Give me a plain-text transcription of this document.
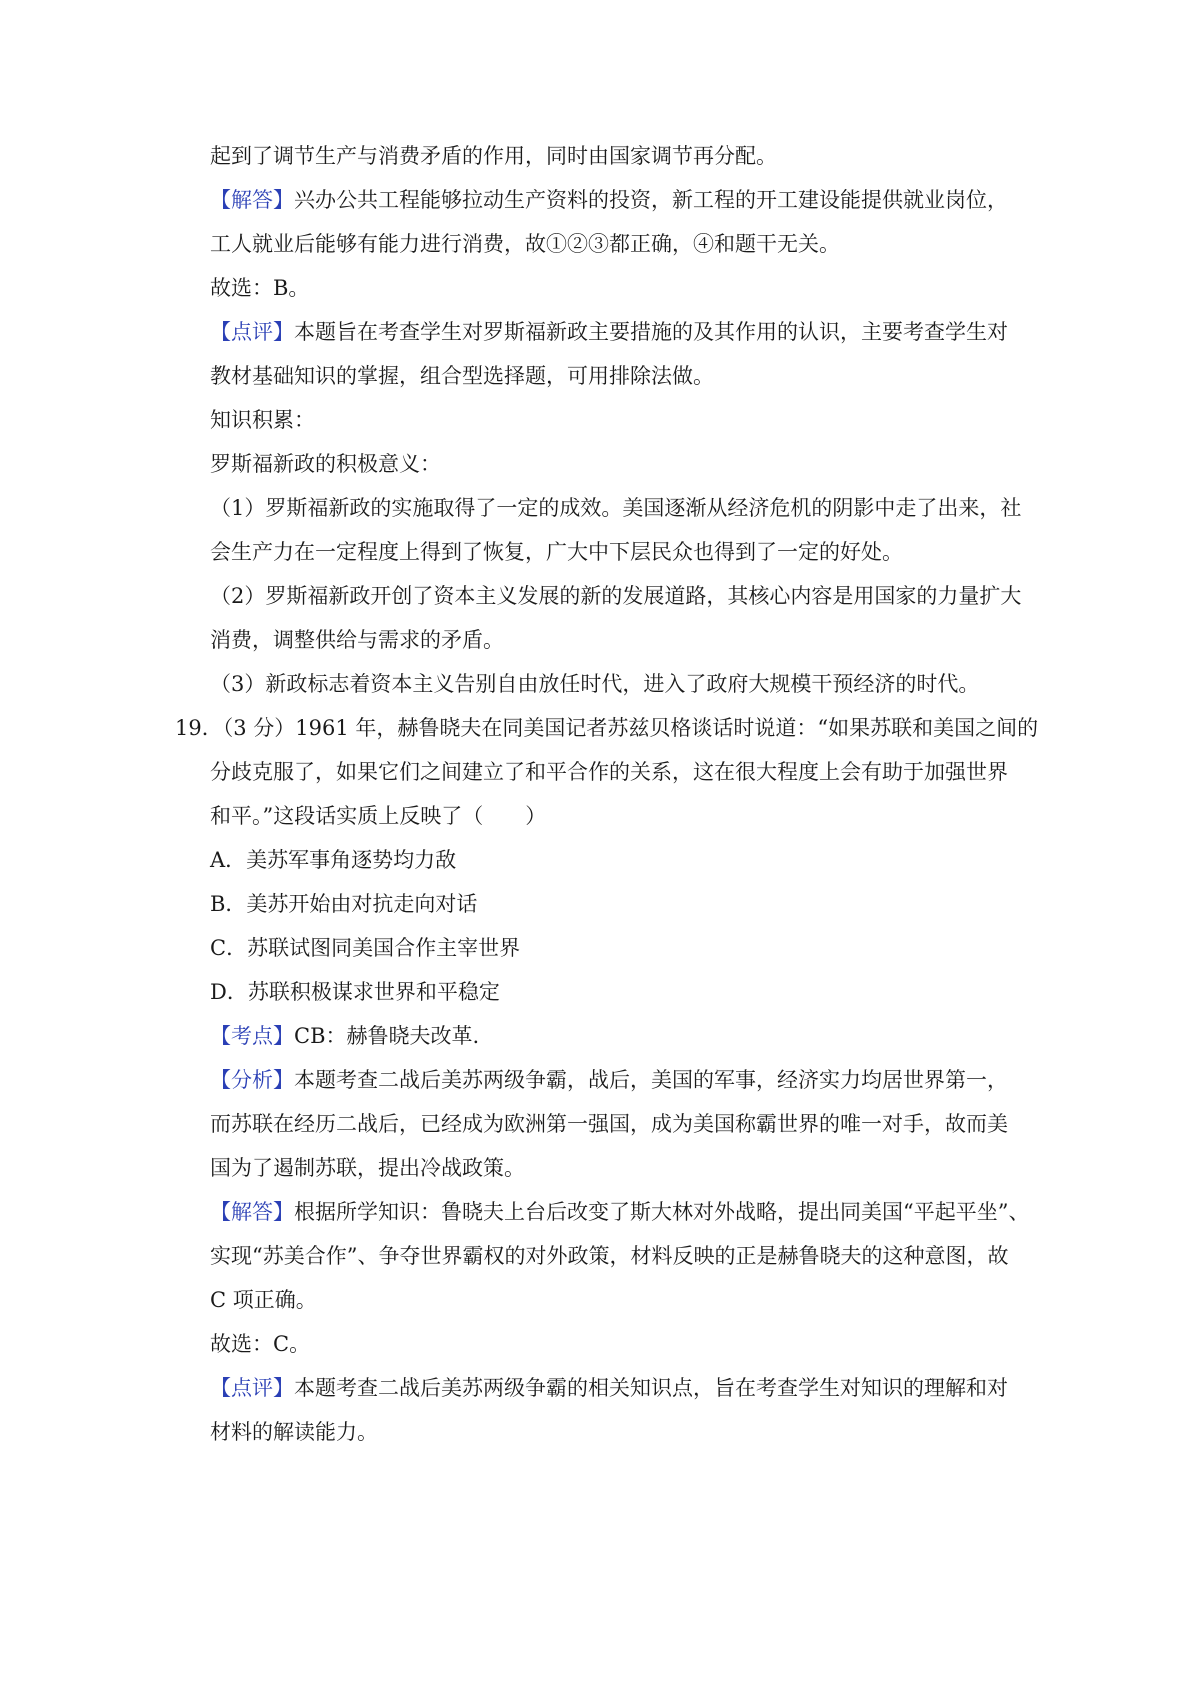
起到了调节生产与消费矛盾的作用，同时由国家调节再分配。
【解答】兴办公共工程能够拉动生产资料的投资，新工程的开工建设能提供就业岗位，
工人就业后能够有能力进行消费，故①②③都正确，④和题干无关。
故选：B。
【点评】本题旨在考查学生对罗斯福新政主要措施的及其作用的认识，主要考查学生对
教材基础知识的掌握，组合型选择题，可用排除法做。
知识积累：
罗斯福新政的积极意义：
（1）罗斯福新政的实施取得了一定的成效。美国逐渐从经济危机的阴影中走了出来，社
会生产力在一定程度上得到了恢复，广大中下层民众也得到了一定的好处。
（2）罗斯福新政开创了资本主义发展的新的发展道路，其核心内容是用国家的力量扩大
消费，调整供给与需求的矛盾。
（3）新政标志着资本主义告别自由放任时代，进入了政府大规模干预经济的时代。
19．（3 分）1961 年，赫鲁晓夫在同美国记者苏兹贝格谈话时说道：“如果苏联和美国之间的
分歧克服了，如果它们之间建立了和平合作的关系，这在很大程度上会有助于加强世界
和平。”这段话实质上反映了（　　）
A．美苏军事角逐势均力敌
B．美苏开始由对抗走向对话
C．苏联试图同美国合作主宰世界
D．苏联积极谋求世界和平稳定
【考点】CB：赫鲁晓夫改革.
【分析】本题考查二战后美苏两级争霸，战后，美国的军事，经济实力均居世界第一，
而苏联在经历二战后，已经成为欧洲第一强国，成为美国称霸世界的唯一对手，故而美
国为了遏制苏联，提出冷战政策。
【解答】根据所学知识：鲁晓夫上台后改变了斯大林对外战略，提出同美国“平起平坐”、
实现“苏美合作”、争夺世界霸权的对外政策，材料反映的正是赫鲁晓夫的这种意图，故
C 项正确。
故选：C。
【点评】本题考查二战后美苏两级争霸的相关知识点，旨在考查学生对知识的理解和对
材料的解读能力。
